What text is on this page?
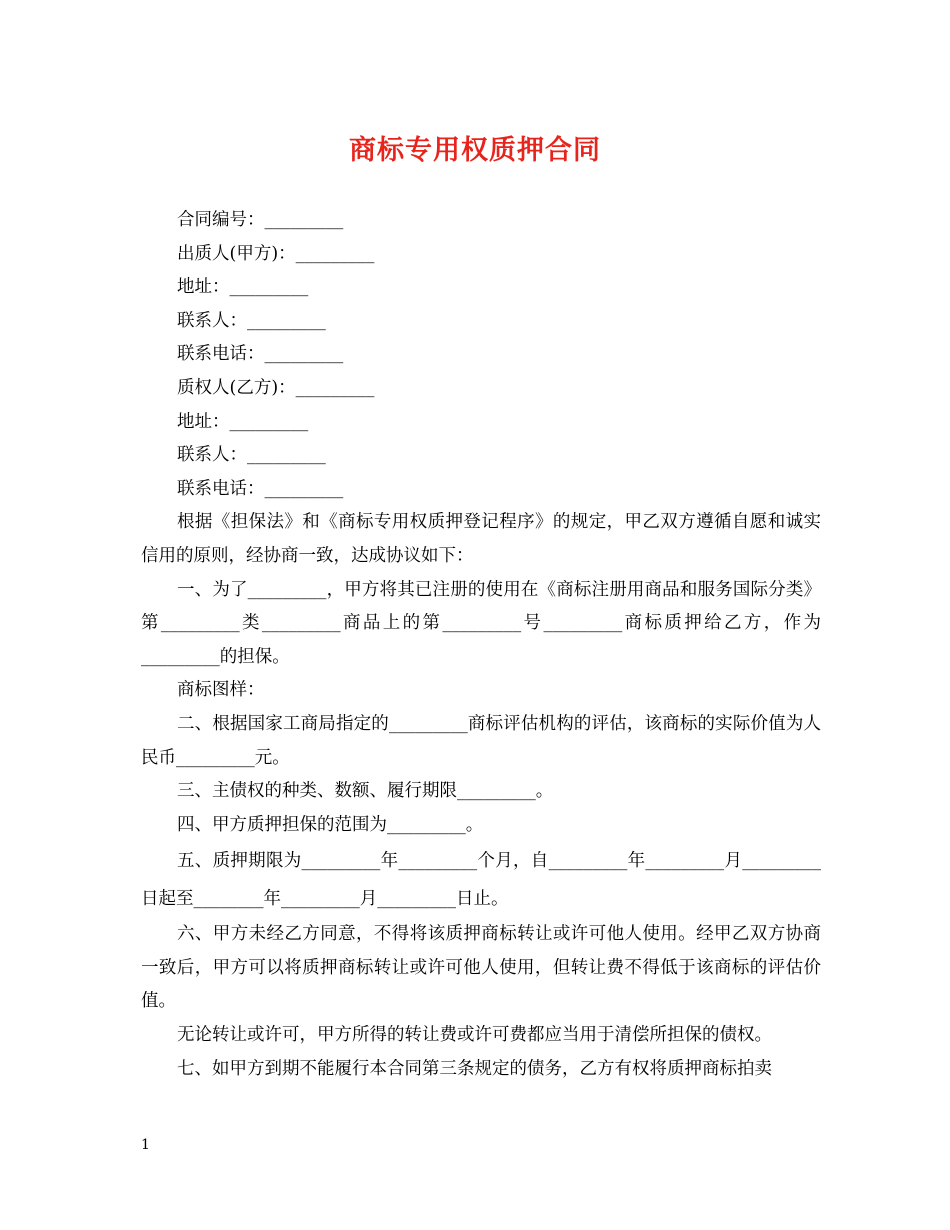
商标专用权质押合同
合同编号：_________
出质人(甲方)：_________
地址：_________
联系人：_________
联系电话：_________
质权人(乙方)：_________
地址：_________
联系人：_________
联系电话：_________

根据《担保法》和《商标专用权质押登记程序》的规定，甲乙双方遵循自愿和诚实信用的原则，经协商一致，达成协议如下：

一、为了_________，甲方将其已注册的使用在《商标注册用商品和服务国际分类》第_________类_________商品上的第_________号_________商标质押给乙方，作为_________的担保。

商标图样：

二、根据国家工商局指定的_________商标评估机构的评估，该商标的实际价值为人民币_________元。

三、主债权的种类、数额、履行期限_________。

四、甲方质押担保的范围为_________。

五、质押期限为_________年_________个月，自_________年_________月_________日起至________年_________月_________日止。

六、甲方未经乙方同意，不得将该质押商标转让或许可他人使用。经甲乙双方协商一致后，甲方可以将质押商标转让或许可他人使用，但转让费不得低于该商标的评估价值。

无论转让或许可，甲方所得的转让费或许可费都应当用于清偿所担保的债权。

七、如甲方到期不能履行本合同第三条规定的债务，乙方有权将质押商标拍卖

1
